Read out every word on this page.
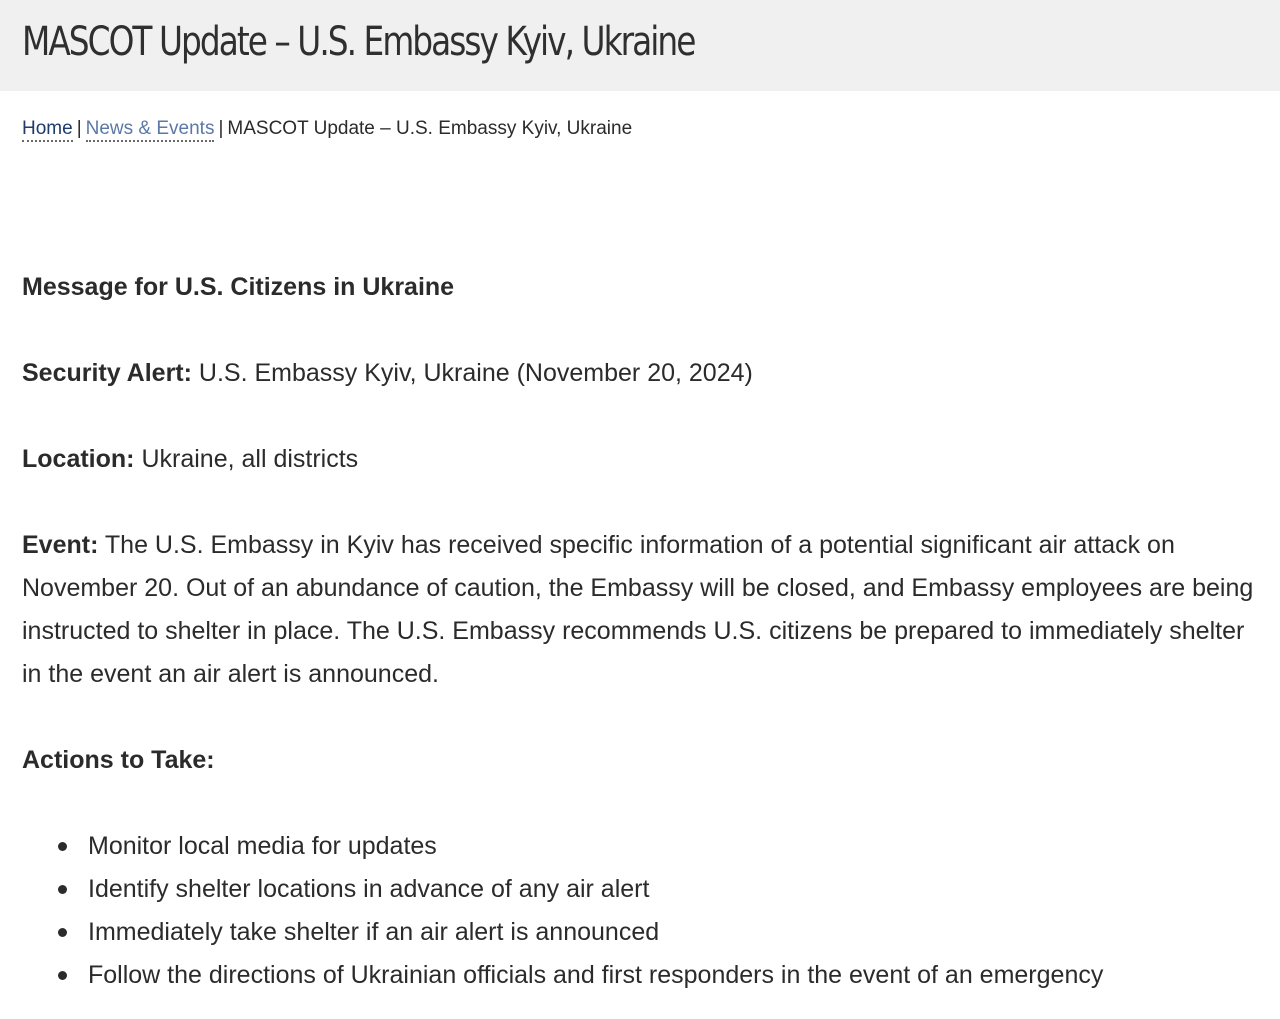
MASCOT Update – U.S. Embassy Kyiv, Ukraine
Home | News & Events | MASCOT Update – U.S. Embassy Kyiv, Ukraine

Message for U.S. Citizens in Ukraine

Security Alert: U.S. Embassy Kyiv, Ukraine (November 20, 2024)

Location: Ukraine, all districts

Event: The U.S. Embassy in Kyiv has received specific information of a potential significant air attack on November 20. Out of an abundance of caution, the Embassy will be closed, and Embassy employees are being instructed to shelter in place. The U.S. Embassy recommends U.S. citizens be prepared to immediately shelter in the event an air alert is announced.

Actions to Take:

Monitor local media for updates
Identify shelter locations in advance of any air alert
Immediately take shelter if an air alert is announced
Follow the directions of Ukrainian officials and first responders in the event of an emergency
